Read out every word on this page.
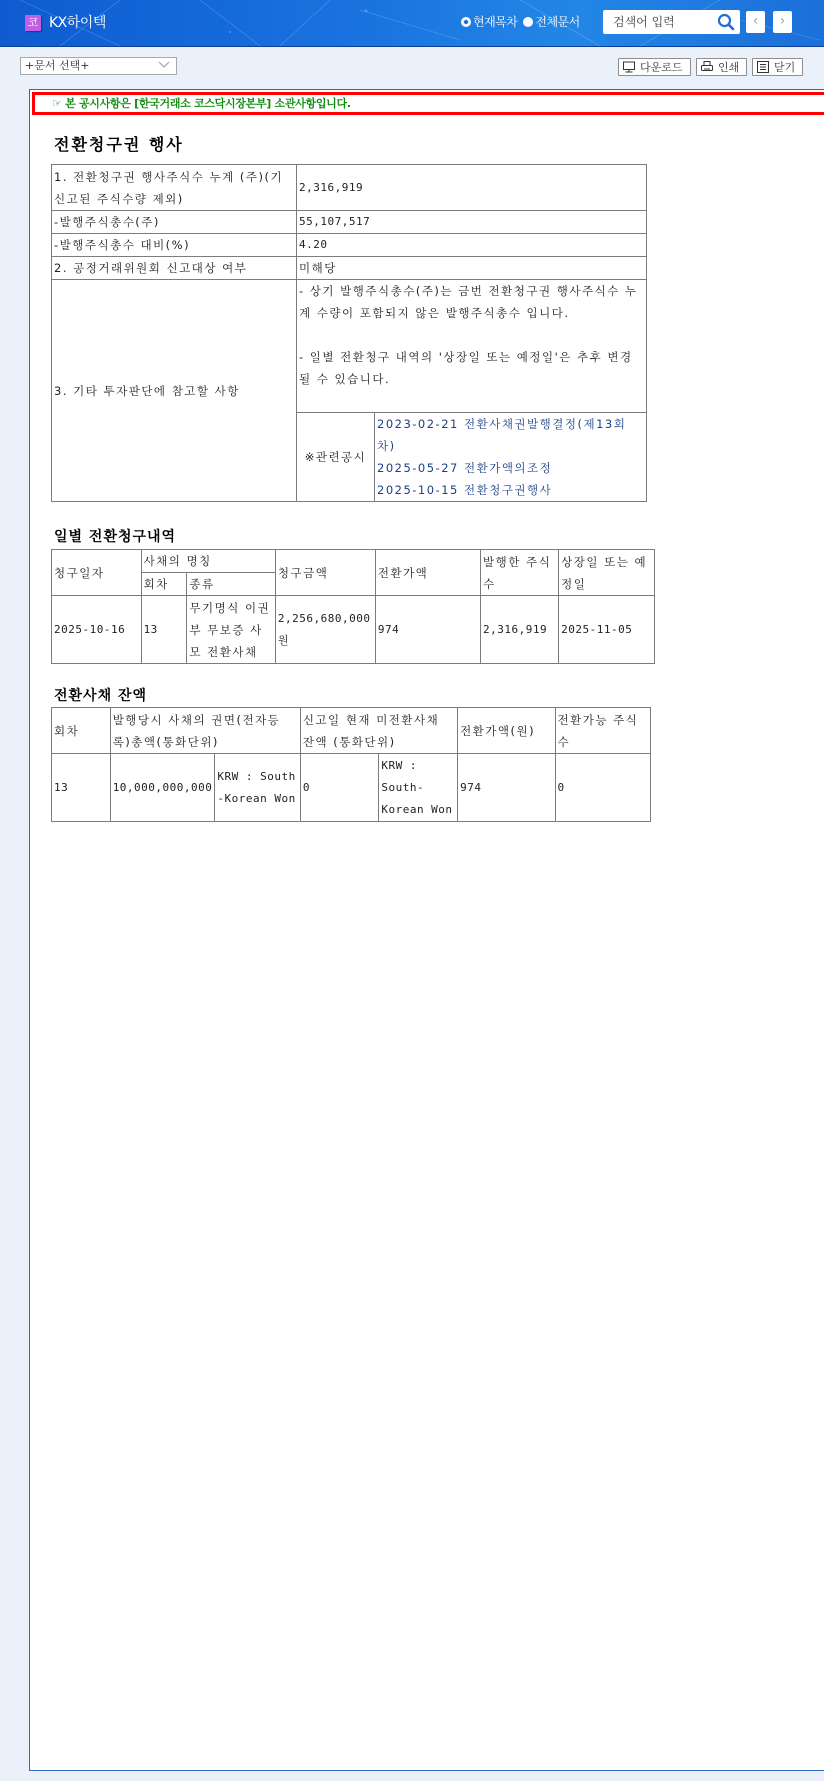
코 KX하이텍	현재목차 전체문서
검색어 입력	‹	›
+문서 선택+	다운로드	인쇄	닫기
☞ 본 공시사항은 [한국거래소 코스닥시장본부] 소관사항입니다.
전환청구권 행사
1. 전환청구권 행사주식수 누계 (주)(기 신고된 주식수량 제외)	2,316,919	
-발행주식총수(주)	55,107,517	
-발행주식총수 대비(%)	4.20	
2. 공정거래위원회 신고대상 여부	미해당	
3. 기타 투자판단에 참고할 사항	- 상기 발행주식총수(주)는 금번 전환청구권 행사주식수 누계 수량이 포함되지 않은 발행주식총수 입니다.
- 일별 전환청구 내역의 '상장일 또는 예정일'은 추후 변경될 수 있습니다.	

	※관련공시	2023-02-21 전환사채권발행결정(제13회차)
2025-05-27 전환가액의조정
2025-10-15 전환청구권행사
일별 전환청구내역
청구일자	사채의 명칭		청구금액	전환가액	발행한 주식수	상장일 또는 예정일
	회차	종류				
2025-10-16	13	무기명식 이권부 무보증 사모 전환사채	2,256,680,000원	974	2,316,919	2025-11-05
전환사채 잔액
회차	발행당시 사채의 권면(전자등록)총액(통화단위)		신고일 현재 미전환사채 잔액 (통화단위)		전환가액(원)	전환가능 주식수
13	10,000,000,000	KRW : South-Korean Won	0	KRW : South-Korean Won	974	0
